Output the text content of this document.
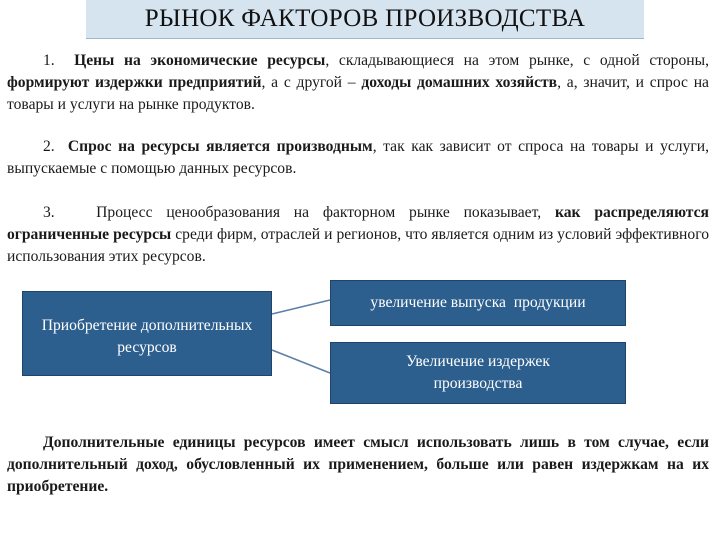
РЫНОК ФАКТОРОВ ПРОИЗВОДСТВА
1. Цены на экономические ресурсы, складывающиеся на этом рынке, с одной стороны, формируют издержки предприятий, а с другой – доходы домашних хозяйств, а, значит, и спрос на товары и услуги на рынке продуктов.
2. Спрос на ресурсы является производным, так как зависит от спроса на товары и услуги, выпускаемые с помощью данных ресурсов.
3.	Процесс ценообразования на факторном рынке показывает, как распределяются ограниченные ресурсы среди фирм, отраслей и регионов, что является одним из условий эффективного использования этих ресурсов.
Приобретение дополнительных ресурсов
увеличение выпуска  продукции
Увеличение издержек производства
Дополнительные единицы ресурсов имеет смысл использовать лишь в том случае, если дополнительный доход, обусловленный их применением, больше или равен издержкам на их приобретение.
